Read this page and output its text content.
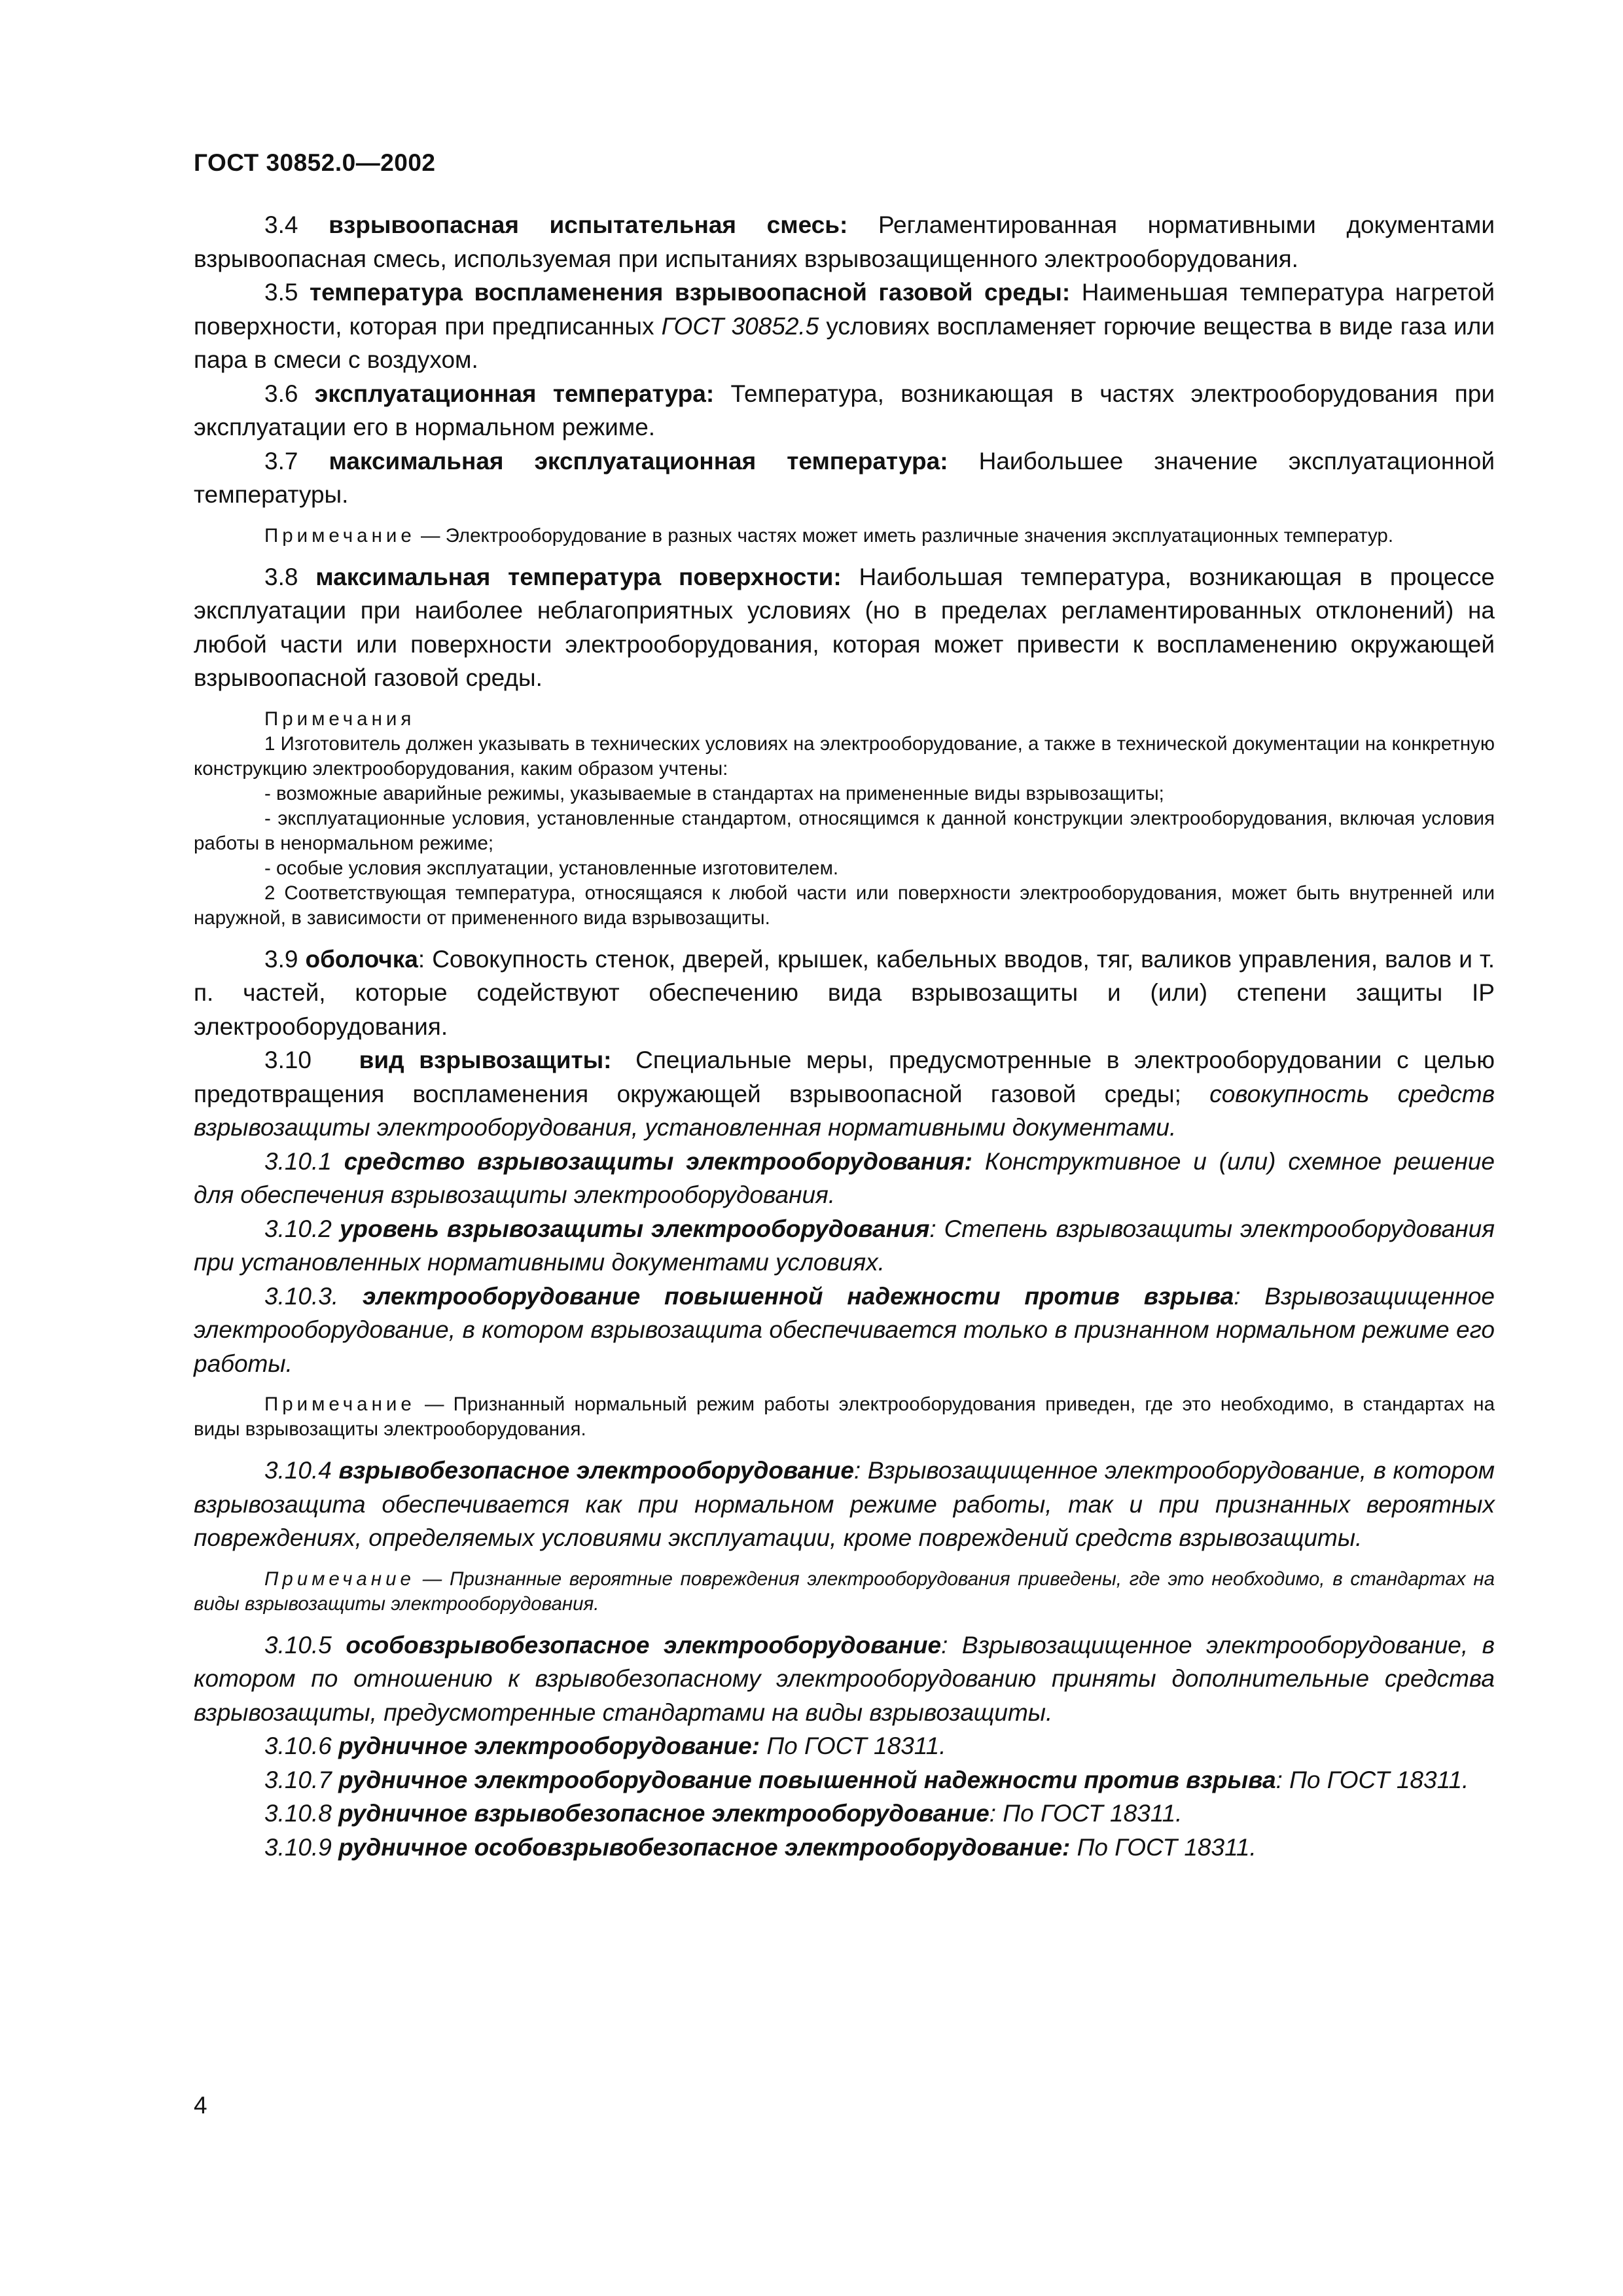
ГОСТ 30852.0—2002

3.4 взрывоопасная испытательная смесь: Регламентированная нормативными документами взрывоопасная смесь, используемая при испытаниях взрывозащищенного электрооборудования.

3.5 температура воспламенения взрывоопасной газовой среды: Наименьшая температура нагретой поверхности, которая при предписанных ГОСТ 30852.5 условиях воспламеняет горючие вещества в виде газа или пара в смеси с воздухом.

3.6 эксплуатационная температура: Температура, возникающая в частях электрооборудования при эксплуатации его в нормальном режиме.

3.7 максимальная эксплуатационная температура: Наибольшее значение эксплуатационной температуры.

Примечание — Электрооборудование в разных частях может иметь различные значения эксплуатационных температур.

3.8 максимальная температура поверхности: Наибольшая температура, возникающая в процессе эксплуатации при наиболее неблагоприятных условиях (но в пределах регламентированных отклонений) на любой части или поверхности электрооборудования, которая может привести к воспламенению окружающей взрывоопасной газовой среды.

Примечания

1 Изготовитель должен указывать в технических условиях на электрооборудование, а также в технической документации на конкретную конструкцию электрооборудования, каким образом учтены:

- возможные аварийные режимы, указываемые в стандартах на примененные виды взрывозащиты;

- эксплуатационные условия, установленные стандартом, относящимся к данной конструкции электрооборудования, включая условия работы в ненормальном режиме;

- особые условия эксплуатации, установленные изготовителем.

2 Соответствующая температура, относящаяся к любой части или поверхности электрооборудования, может быть внутренней или наружной, в зависимости от примененного вида взрывозащиты.

3.9 оболочка: Совокупность стенок, дверей, крышек, кабельных вводов, тяг, валиков управления, валов и т. п. частей, которые содействуют обеспечению вида взрывозащиты и (или) степени защиты IP электрооборудования.

3.10 вид взрывозащиты: Специальные меры, предусмотренные в электрооборудовании с целью предотвращения воспламенения окружающей взрывоопасной газовой среды; совокупность средств взрывозащиты электрооборудования, установленная нормативными документами.

3.10.1 средство взрывозащиты электрооборудования: Конструктивное и (или) схемное решение для обеспечения взрывозащиты электрооборудования.

3.10.2 уровень взрывозащиты электрооборудования: Степень взрывозащиты электрооборудования при установленных нормативными документами условиях.

3.10.3. электрооборудование повышенной надежности против взрыва: Взрывозащищенное электрооборудование, в котором взрывозащита обеспечивается только в признанном нормальном режиме его работы.

Примечание — Признанный нормальный режим работы электрооборудования приведен, где это необходимо, в стандартах на виды взрывозащиты электрооборудования.

3.10.4 взрывобезопасное электрооборудование: Взрывозащищенное электрооборудование, в котором взрывозащита обеспечивается как при нормальном режиме работы, так и при признанных вероятных повреждениях, определяемых условиями эксплуатации, кроме повреждений средств взрывозащиты.

Примечание — Признанные вероятные повреждения электрооборудования приведены, где это необходимо, в стандартах на виды взрывозащиты электрооборудования.

3.10.5 особовзрывобезопасное электрооборудование: Взрывозащищенное электрооборудование, в котором по отношению к взрывобезопасному электрооборудованию приняты дополнительные средства взрывозащиты, предусмотренные стандартами на виды взрывозащиты.

3.10.6 рудничное электрооборудование: По ГОСТ 18311.

3.10.7 рудничное электрооборудование повышенной надежности против взрыва: По ГОСТ 18311.

3.10.8 рудничное взрывобезопасное электрооборудование: По ГОСТ 18311.

3.10.9 рудничное особовзрывобезопасное электрооборудование: По ГОСТ 18311.

4
